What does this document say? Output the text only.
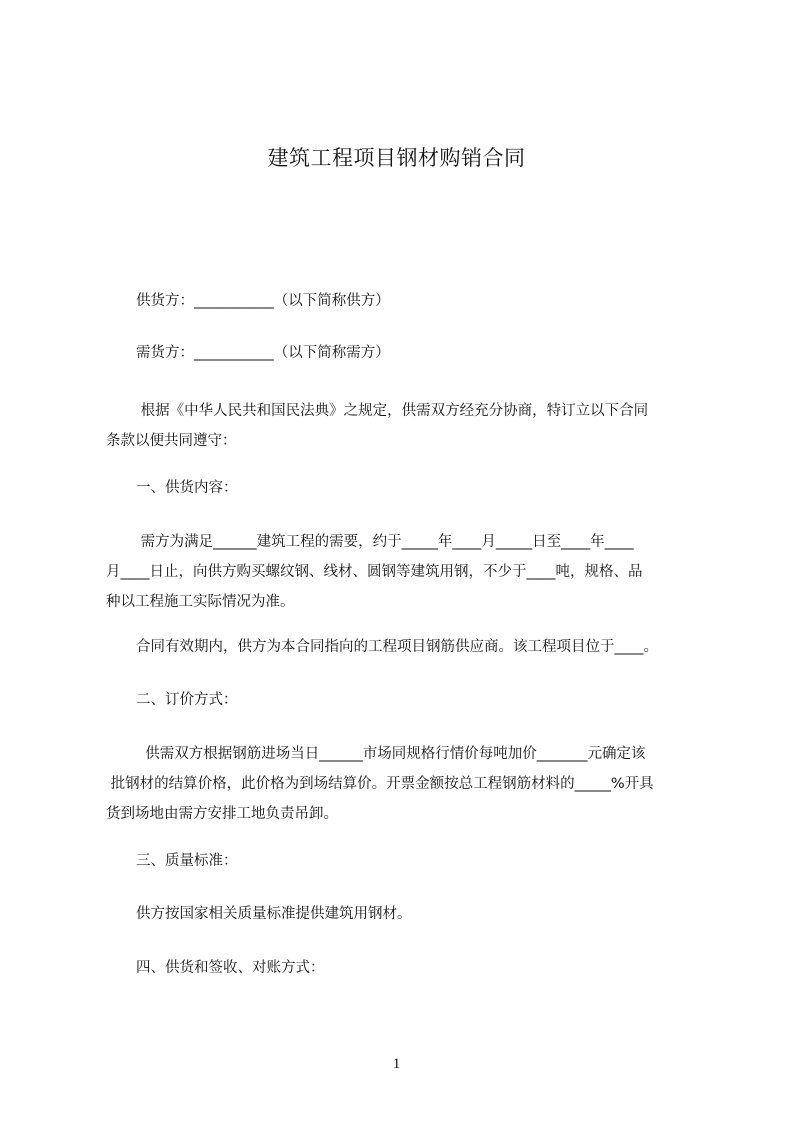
建筑工程项目钢材购销合同
供货方：___________（以下简称供方）
需货方：___________（以下简称需方）

根据《中华人民共和国民法典》之规定，供需双方经充分协商，特订立以下合同

条款以便共同遵守：

一、供货内容：

需方为满足______建筑工程的需要，约于_____年____月_____日至____年____

月____日止，向供方购买螺纹钢、线材、圆钢等建筑用钢，不少于____吨，规格、品

种以工程施工实际情况为准。

合同有效期内，供方为本合同指向的工程项目钢筋供应商。该工程项目位于____。
二、订价方式：

供需双方根据钢筋进场当日______市场同规格行情价每吨加价_______元确定该

批钢材的结算价格，此价格为到场结算价。开票金额按总工程钢筋材料的_____%开具

货到场地由需方安排工地负责吊卸。

三、质量标准：
供方按国家相关质量标准提供建筑用钢材。
四、供货和签收、对账方式：
1
